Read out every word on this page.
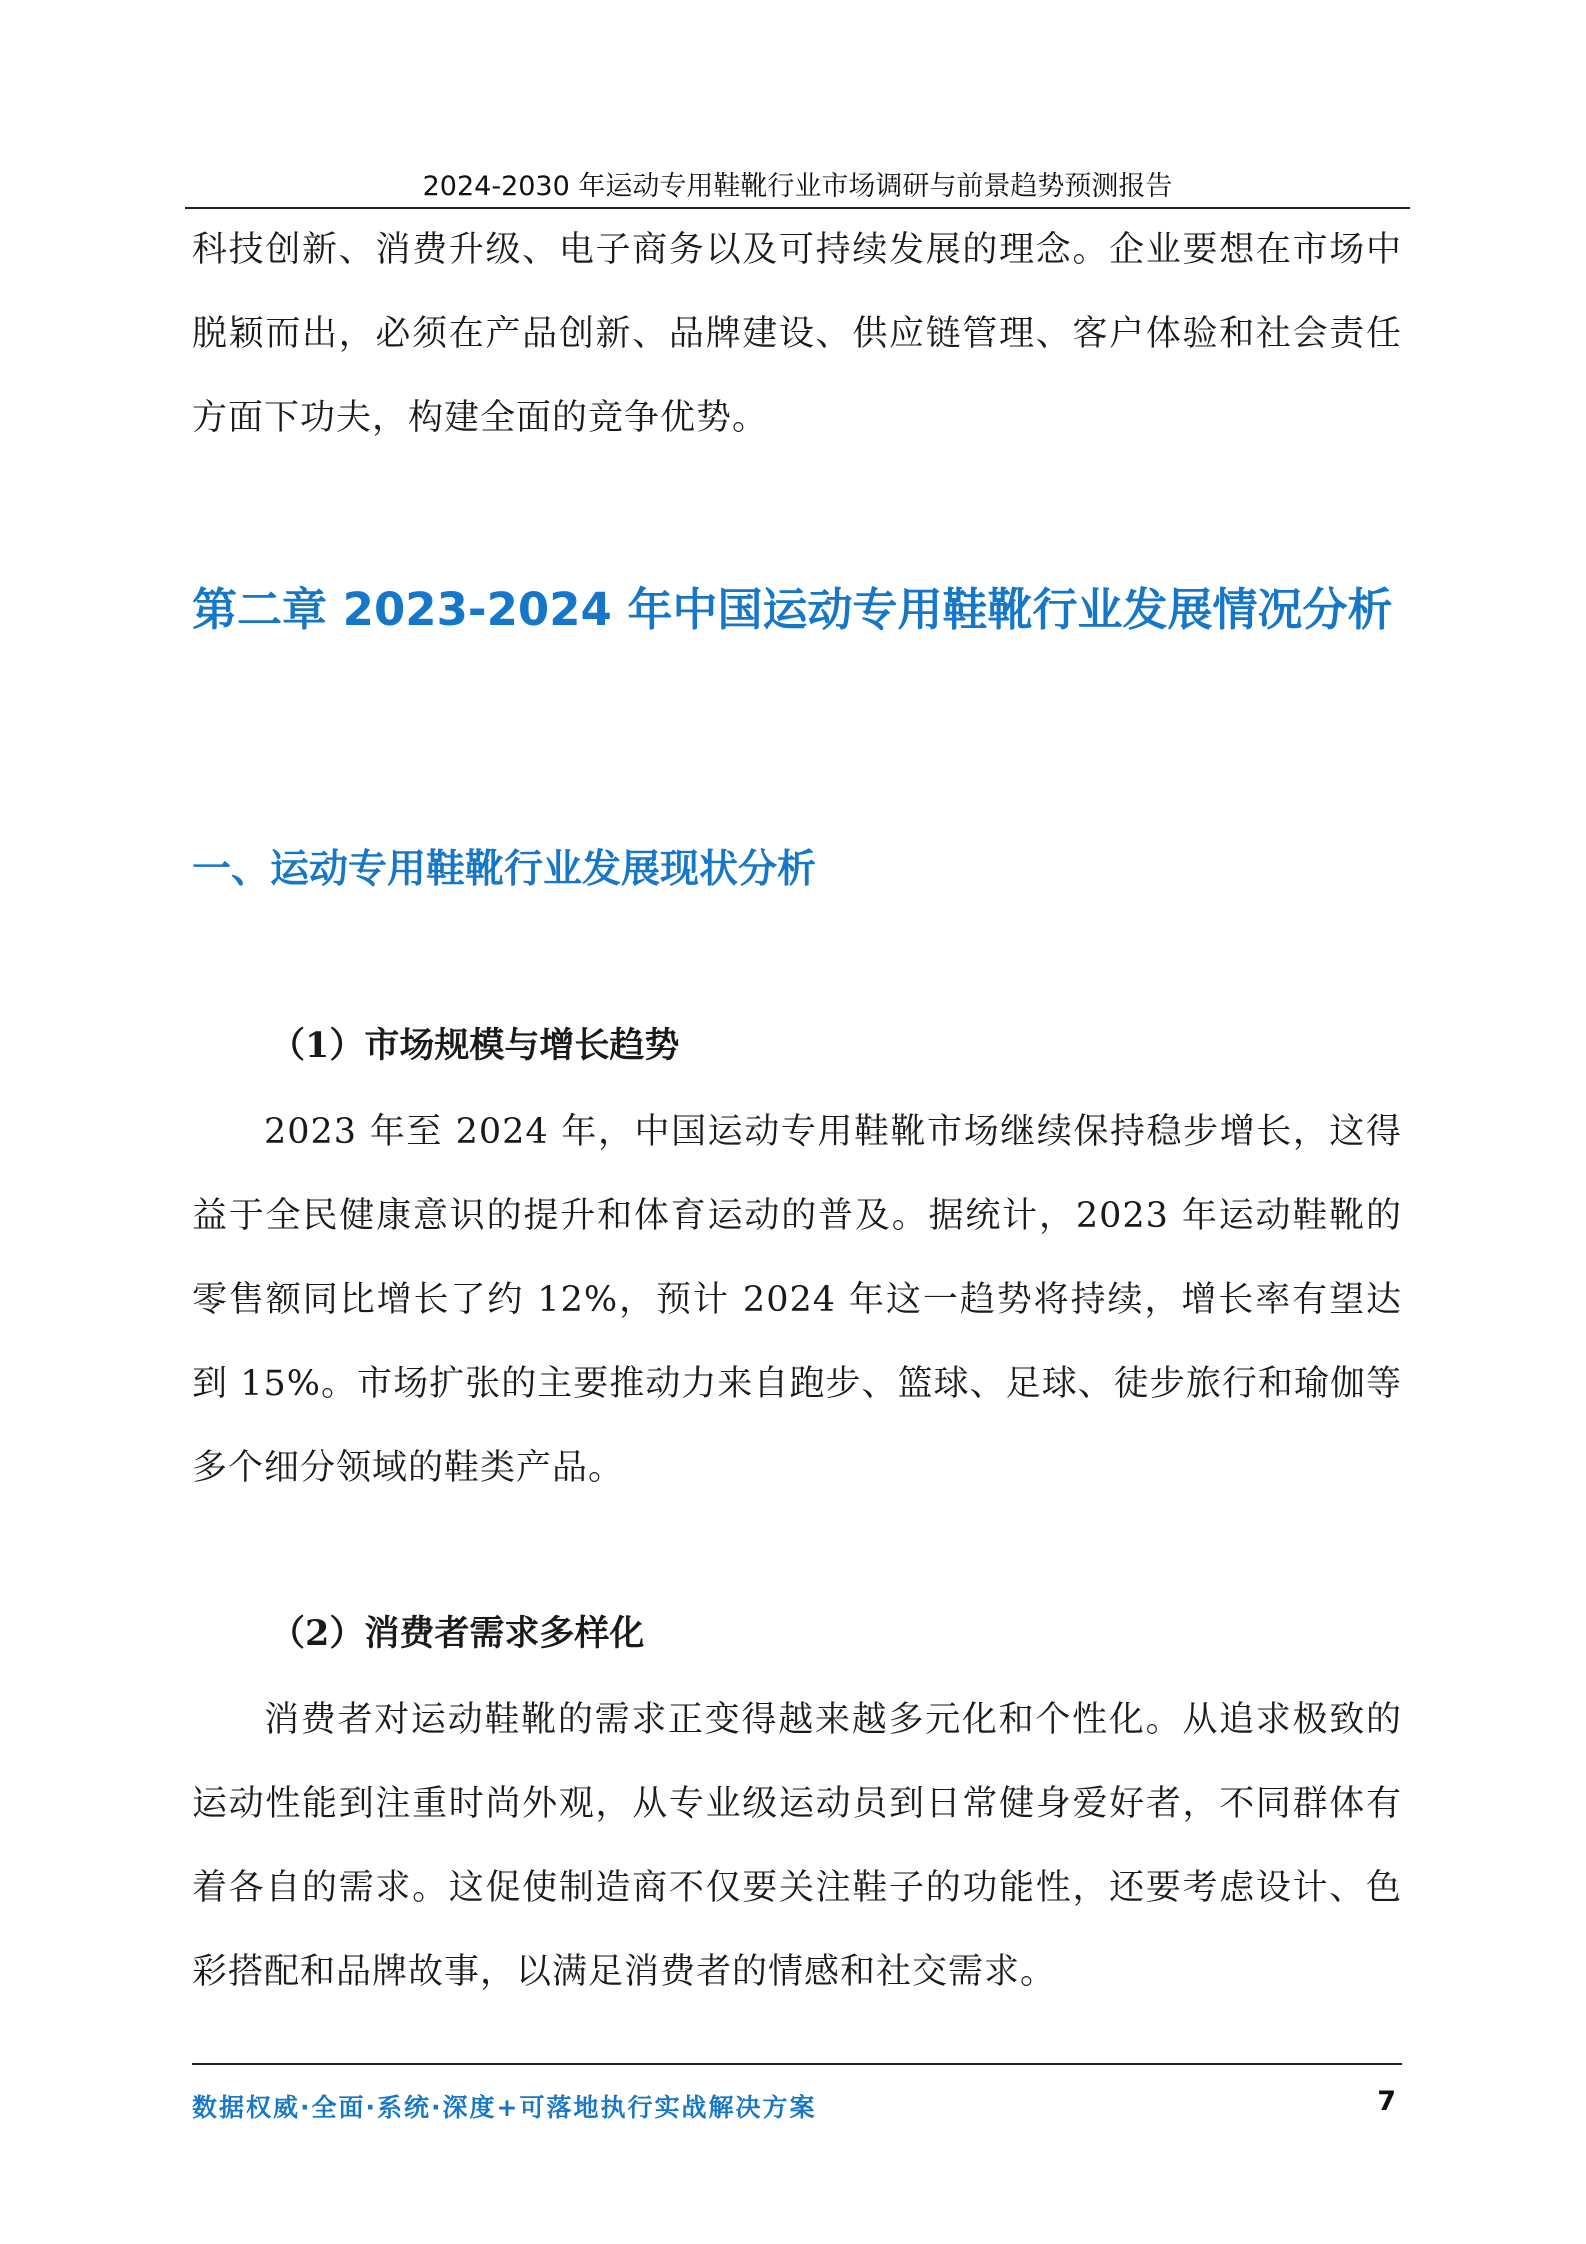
2024-2030 年运动专用鞋靴行业市场调研与前景趋势预测报告

科技创新、消费升级、电子商务以及可持续发展的理念。企业要想在市场中脱颖而出，必须在产品创新、品牌建设、供应链管理、客户体验和社会责任方面下功夫，构建全面的竞争优势。

第二章 2023-2024 年中国运动专用鞋靴行业发展情况分析
一、运动专用鞋靴行业发展现状分析
（1）市场规模与增长趋势

2023 年至 2024 年，中国运动专用鞋靴市场继续保持稳步增长，这得益于全民健康意识的提升和体育运动的普及。据统计，2023 年运动鞋靴的零售额同比增长了约 12%，预计 2024 年这一趋势将持续，增长率有望达到 15%。市场扩张的主要推动力来自跑步、篮球、足球、徒步旅行和瑜伽等多个细分领域的鞋类产品。

（2）消费者需求多样化

消费者对运动鞋靴的需求正变得越来越多元化和个性化。从追求极致的运动性能到注重时尚外观，从专业级运动员到日常健身爱好者，不同群体有着各自的需求。这促使制造商不仅要关注鞋子的功能性，还要考虑设计、色彩搭配和品牌故事，以满足消费者的情感和社交需求。

数据权威·全面·系统·深度+可落地执行实战解决方案	7
